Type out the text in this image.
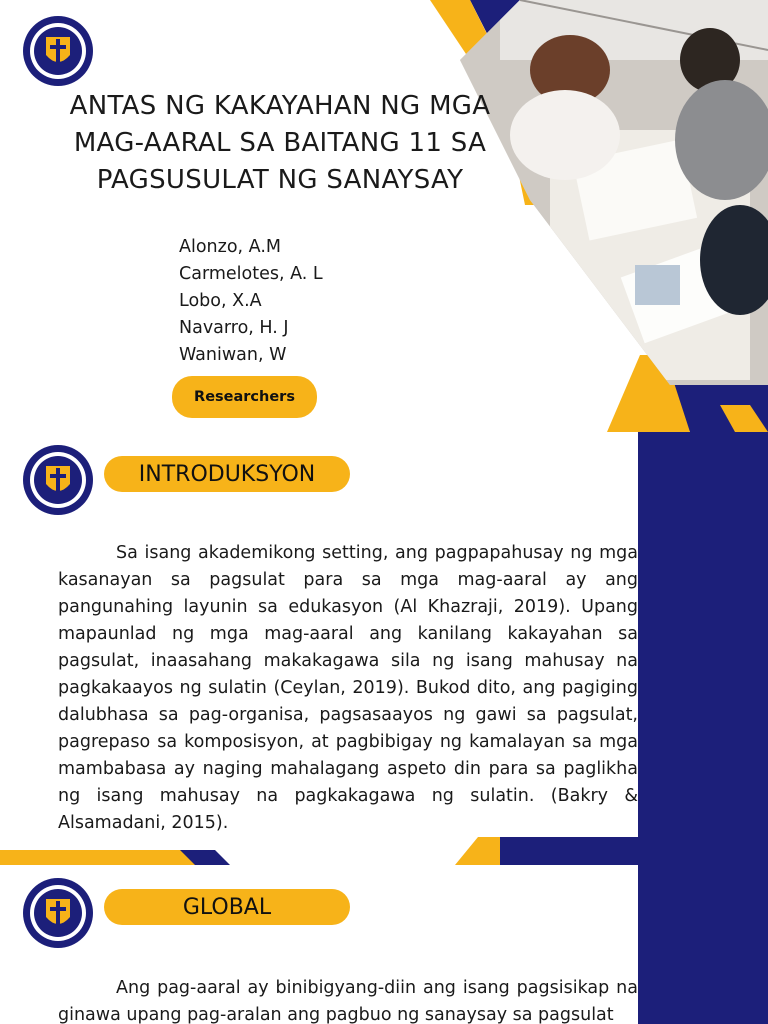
ANTAS NG KAKAYAHAN NG MGA
MAG-AARAL SA BAITANG 11 SA
PAGSUSULAT NG SANAYSAY
Alonzo, A.M
Carmelotes, A. L
Lobo, X.A
Navarro, H. J
Waniwan, W
Researchers
INTRODUKSYON
Sa isang akademikong setting, ang pagpapahusay ng mga kasanayan sa pagsulat para sa mga mag-aaral ay ang pangunahing layunin sa edukasyon (Al Khazraji, 2019). Upang mapaunlad ng mga mag-aaral ang kanilang kakayahan sa pagsulat, inaasahang makakagawa sila ng isang mahusay na pagkakaayos ng sulatin (Ceylan, 2019). Bukod dito, ang pagiging dalubhasa sa pag-organisa, pagsasaayos ng gawi sa pagsulat, pagrepaso sa komposisyon, at pagbibigay ng kamalayan sa mga mambabasa ay naging mahalagang aspeto din para sa paglikha ng isang mahusay na pagkakagawa ng sulatin. (Bakry & Alsamadani, 2015).
GLOBAL
Ang pag-aaral ay binibigyang-diin ang isang pagsisikap na ginawa upang pag-aralan ang pagbuo ng sanaysay sa pagsulat
